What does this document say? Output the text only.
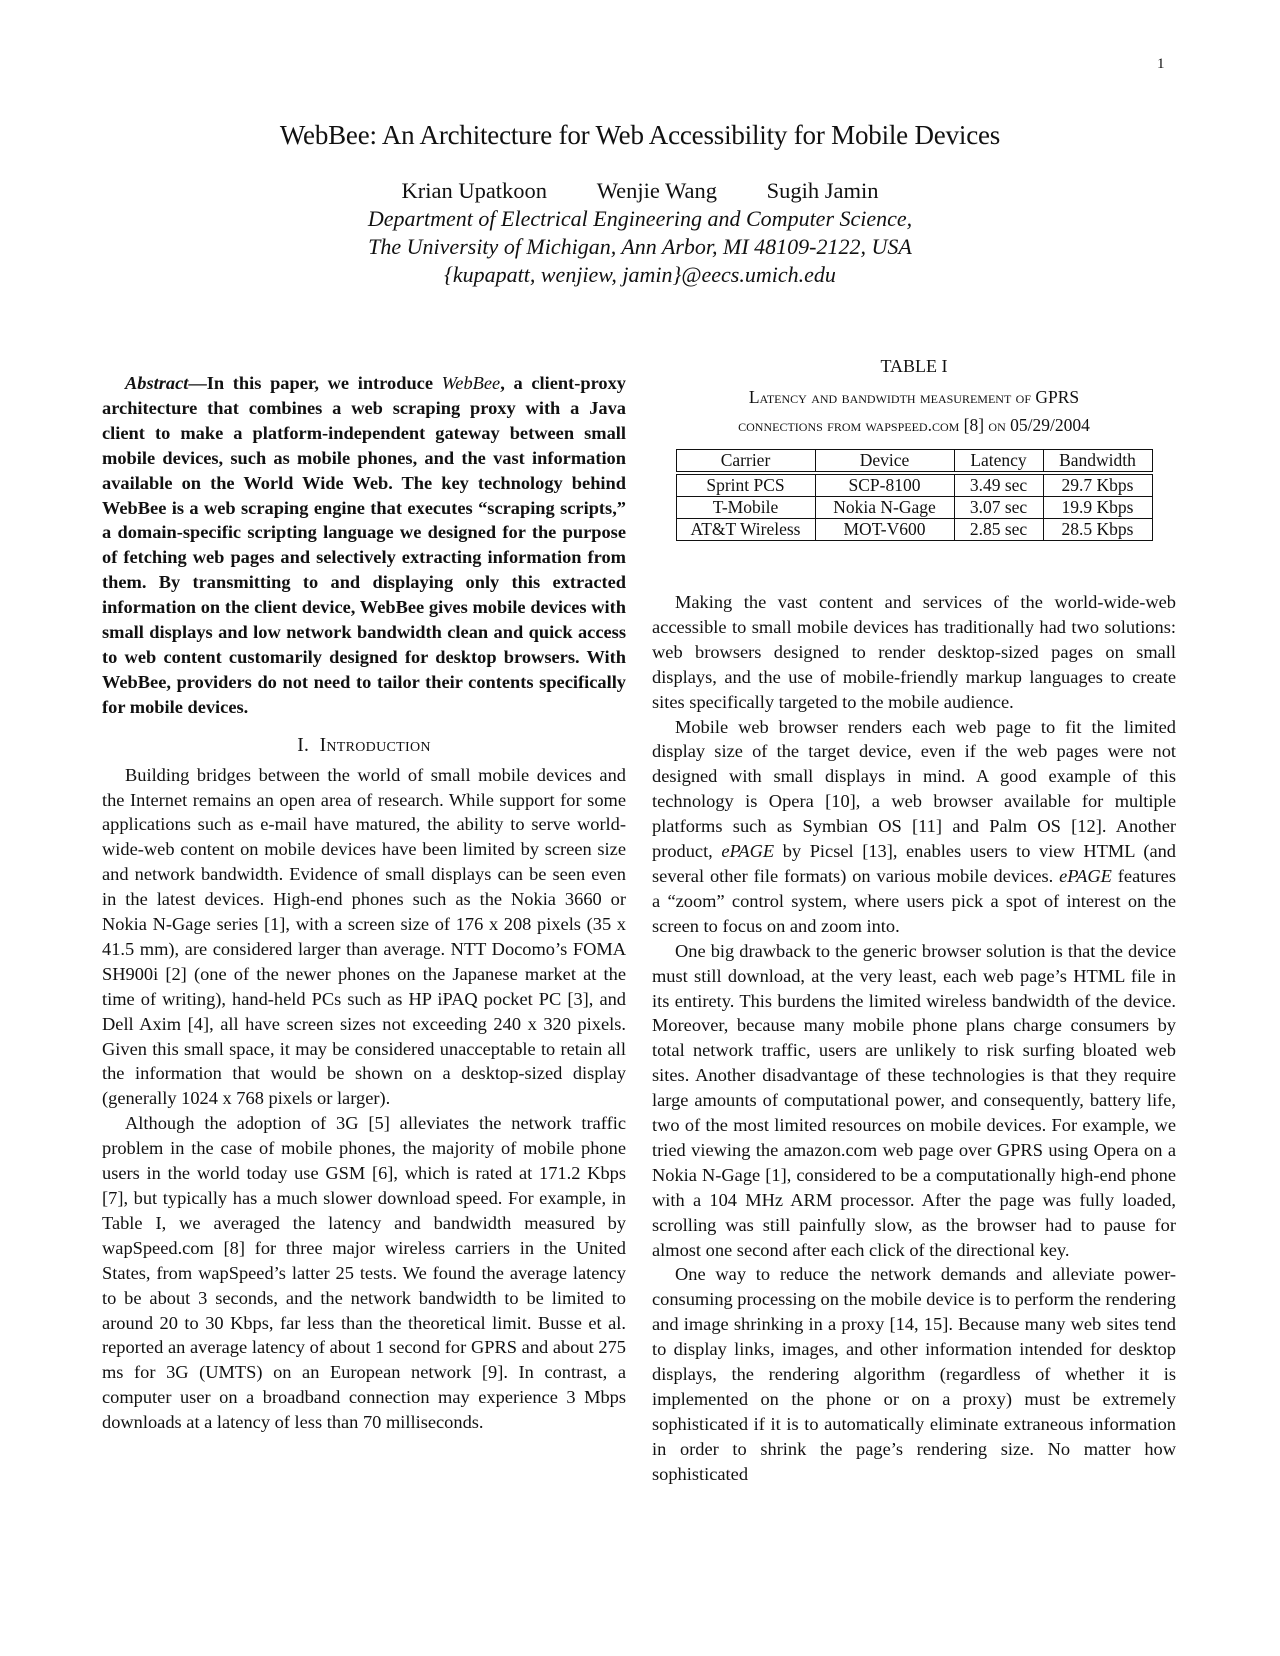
1
WebBee: An Architecture for Web Accessibility for Mobile Devices
Krian Upatkoon Wenjie Wang Sugih Jamin
Department of Electrical Engineering and Computer Science,
The University of Michigan, Ann Arbor, MI 48109-2122, USA
{kupapatt, wenjiew, jamin}@eecs.umich.edu

Abstract—In this paper, we introduce WebBee, a client-proxy architecture that combines a web scraping proxy with a Java client to make a platform-independent gateway between small mobile devices, such as mobile phones, and the vast information available on the World Wide Web. The key technology behind WebBee is a web scraping engine that executes “scraping scripts,” a domain-specific scripting language we designed for the purpose of fetching web pages and selectively extracting information from them. By transmitting to and displaying only this extracted information on the client device, WebBee gives mobile devices with small displays and low network bandwidth clean and quick access to web content customarily designed for desktop browsers. With WebBee, providers do not need to tailor their contents specifically for mobile devices.

I. Introduction

Building bridges between the world of small mobile devices and the Internet remains an open area of research. While support for some applications such as e-mail have matured, the ability to serve world-wide-web content on mobile devices have been limited by screen size and network bandwidth. Evidence of small displays can be seen even in the latest devices. High-end phones such as the Nokia 3660 or Nokia N-Gage series [1], with a screen size of 176 x 208 pixels (35 x 41.5 mm), are considered larger than average. NTT Docomo’s FOMA SH900i [2] (one of the newer phones on the Japanese market at the time of writing), hand-held PCs such as HP iPAQ pocket PC [3], and Dell Axim [4], all have screen sizes not exceeding 240 x 320 pixels. Given this small space, it may be considered unacceptable to retain all the information that would be shown on a desktop-sized display (generally 1024 x 768 pixels or larger).

Although the adoption of 3G [5] alleviates the network traffic problem in the case of mobile phones, the majority of mobile phone users in the world today use GSM [6], which is rated at 171.2 Kbps [7], but typically has a much slower download speed. For example, in Table I, we averaged the latency and bandwidth measured by wapSpeed.com [8] for three major wireless carriers in the United States, from wapSpeed’s latter 25 tests. We found the average latency to be about 3 seconds, and the network bandwidth to be limited to around 20 to 30 Kbps, far less than the theoretical limit. Busse et al. reported an average latency of about 1 second for GPRS and about 275 ms for 3G (UMTS) on an European network [9]. In contrast, a computer user on a broadband connection may experience 3 Mbps downloads at a latency of less than 70 milliseconds.

TABLE I
Latency and bandwidth measurement of GPRS
connections from wapspeed.com [8] on 05/29/2004
Carrier	Device	Latency	Bandwidth
Sprint PCS	SCP-8100	3.49 sec	29.7 Kbps
T-Mobile	Nokia N-Gage	3.07 sec	19.9 Kbps
AT&T Wireless	MOT-V600	2.85 sec	28.5 Kbps

Making the vast content and services of the world-wide-web accessible to small mobile devices has traditionally had two solutions: web browsers designed to render desktop-sized pages on small displays, and the use of mobile-friendly markup languages to create sites specifically targeted to the mobile audience.

Mobile web browser renders each web page to fit the limited display size of the target device, even if the web pages were not designed with small displays in mind. A good example of this technology is Opera [10], a web browser available for multiple platforms such as Symbian OS [11] and Palm OS [12]. Another product, ePAGE by Picsel [13], enables users to view HTML (and several other file formats) on various mobile devices. ePAGE features a “zoom” control system, where users pick a spot of interest on the screen to focus on and zoom into.

One big drawback to the generic browser solution is that the device must still download, at the very least, each web page’s HTML file in its entirety. This burdens the limited wireless bandwidth of the device. Moreover, because many mobile phone plans charge consumers by total network traffic, users are unlikely to risk surfing bloated web sites. Another disadvantage of these technologies is that they require large amounts of computational power, and consequently, battery life, two of the most limited resources on mobile devices. For example, we tried viewing the amazon.com web page over GPRS using Opera on a Nokia N-Gage [1], considered to be a computationally high-end phone with a 104 MHz ARM processor. After the page was fully loaded, scrolling was still painfully slow, as the browser had to pause for almost one second after each click of the directional key.

One way to reduce the network demands and alleviate power-consuming processing on the mobile device is to perform the rendering and image shrinking in a proxy [14, 15]. Because many web sites tend to display links, images, and other information intended for desktop displays, the rendering algorithm (regardless of whether it is implemented on the phone or on a proxy) must be extremely sophisticated if it is to automatically eliminate extraneous information in order to shrink the page’s rendering size. No matter how sophisticated
